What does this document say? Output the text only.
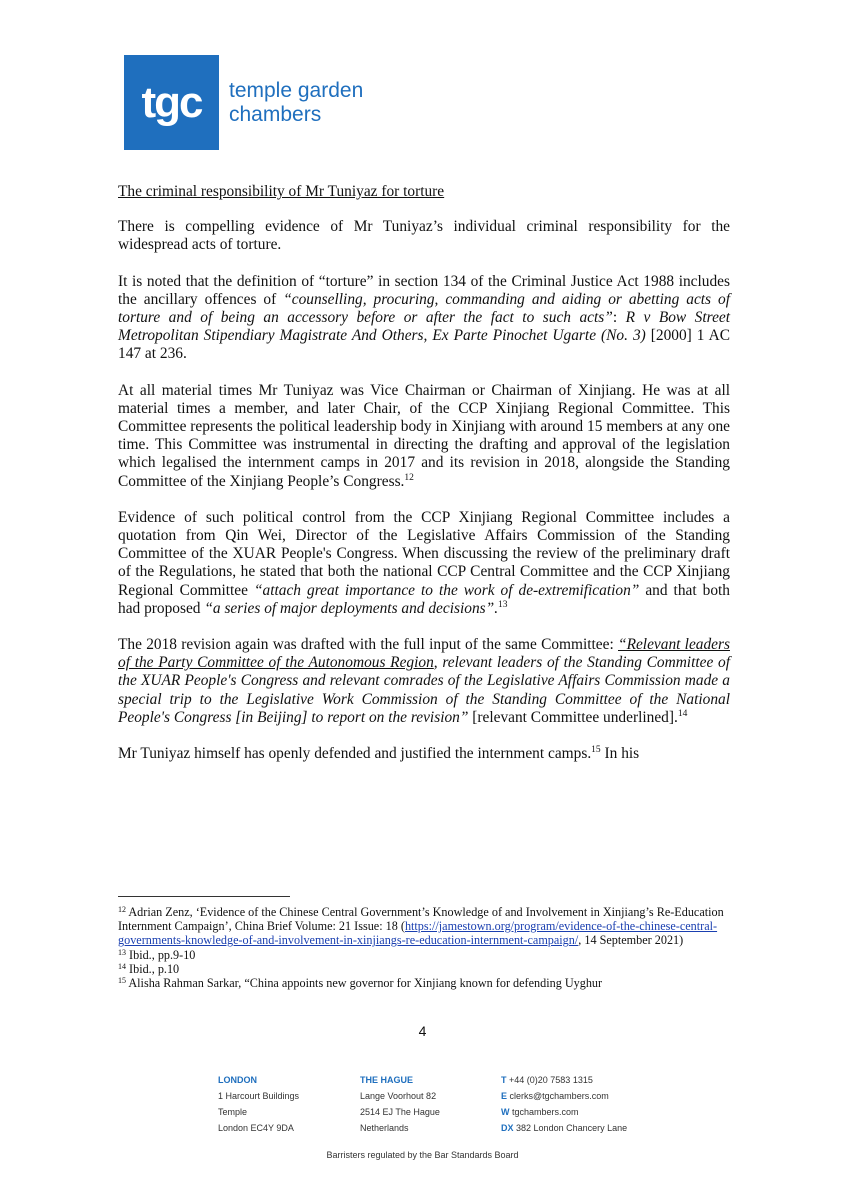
tgc temple garden
chambers

The criminal responsibility of Mr Tuniyaz for torture

There is compelling evidence of Mr Tuniyaz’s individual criminal responsibility for the widespread acts of torture.

It is noted that the definition of “torture” in section 134 of the Criminal Justice Act 1988 includes the ancillary offences of “counselling, procuring, commanding and aiding or abetting acts of torture and of being an accessory before or after the fact to such acts”: R v Bow Street Metropolitan Stipendiary Magistrate And Others, Ex Parte Pinochet Ugarte (No. 3) [2000] 1 AC 147 at 236.

At all material times Mr Tuniyaz was Vice Chairman or Chairman of Xinjiang. He was at all material times a member, and later Chair, of the CCP Xinjiang Regional Committee. This Committee represents the political leadership body in Xinjiang with around 15 members at any one time. This Committee was instrumental in directing the drafting and approval of the legislation which legalised the internment camps in 2017 and its revision in 2018, alongside the Standing Committee of the Xinjiang People’s Congress.$^{12}$

Evidence of such political control from the CCP Xinjiang Regional Committee includes a quotation from Qin Wei, Director of the Legislative Affairs Commission of the Standing Committee of the XUAR People's Congress. When discussing the review of the preliminary draft of the Regulations, he stated that both the national CCP Central Committee and the CCP Xinjiang Regional Committee “attach great importance to the work of de-extremification” and that both had proposed “a series of major deployments and decisions”.$^{13}$

The 2018 revision again was drafted with the full input of the same Committee: “Relevant leaders of the Party Committee of the Autonomous Region, relevant leaders of the Standing Committee of the XUAR People's Congress and relevant comrades of the Legislative Affairs Commission made a special trip to the Legislative Work Commission of the Standing Committee of the National People's Congress [in Beijing] to report on the revision” [relevant Committee underlined].$^{14}$

Mr Tuniyaz himself has openly defended and justified the internment camps.$^{15}$ In his

$^{12}$ Adrian Zenz, ‘Evidence of the Chinese Central Government’s Knowledge of and Involvement in Xinjiang’s Re-Education Internment Campaign’, China Brief Volume: 21 Issue: 18 (https://jamestown.org/program/evidence-of-the-chinese-central-governments-knowledge-of-and-involvement-in-xinjiangs-re-education-internment-campaign/, 14 September 2021)

$^{13}$ Ibid., pp.9-10

$^{14}$ Ibid., p.10

$^{15}$ Alisha Rahman Sarkar, “China appoints new governor for Xinjiang known for defending Uyghur

4
LONDON
1 Harcourt Buildings
Temple
London EC4Y 9DA
THE HAGUE
Lange Voorhout 82
2514 EJ The Hague
Netherlands
T +44 (0)20 7583 1315
E clerks@tgchambers.com
W tgchambers.com
DX 382 London Chancery Lane
Barristers regulated by the Bar Standards Board
